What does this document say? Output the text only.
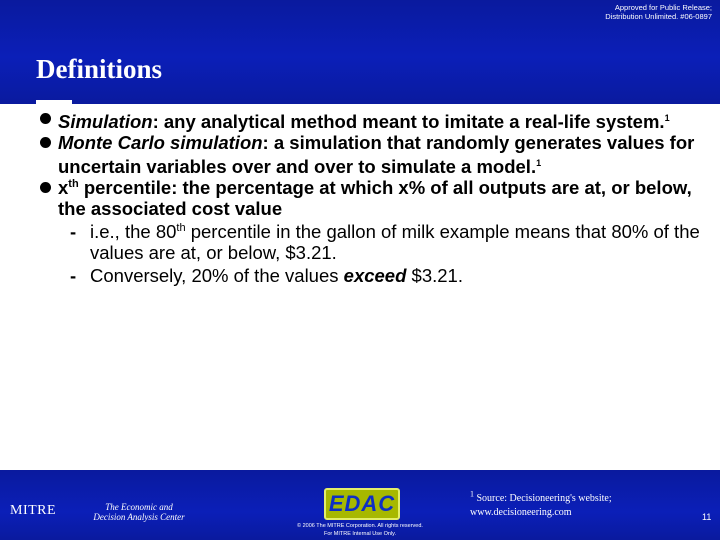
Approved for Public Release;
Distribution Unlimited. #06-0897
Definitions
Simulation: any analytical method meant to imitate a real-life system.$^1$
Monte Carlo simulation: a simulation that randomly generates values for uncertain variables over and over to simulate a model.$^1$
$x^{th}$ percentile: the percentage at which x% of all outputs are at, or below, the associated cost value
- i.e., the 80th percentile in the gallon of milk example means that 80% of the values are at, or below, $3.21.
- Conversely, 20% of the values exceed $3.21.
MITRE	The Economic and
Decision Analysis Center
EDAC
© 2006 The MITRE Corporation. All rights reserved.
For MITRE Internal Use Only.
$^1$ Source: Decisioneering's website;
www.decisioneering.com	11
